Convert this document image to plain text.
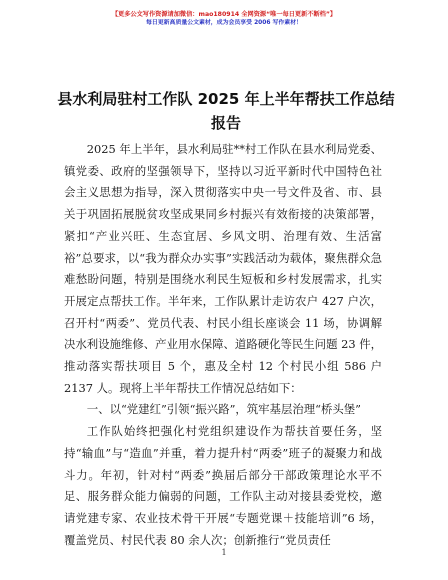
【更多公文写作资源请加微信：mao180914 全网资源“唯一每日更新不断档”】
每日更新高质量公文素材，成为会员享受 2006 写作素材！
县水利局驻村工作队 2025 年上半年帮扶工作总结报告

2025 年上半年，县水利局驻**村工作队在县水利局党委、镇党委、政府的坚强领导下，坚持以习近平新时代中国特色社会主义思想为指导，深入贯彻落实中央一号文件及省、市、县关于巩固拓展脱贫攻坚成果同乡村振兴有效衔接的决策部署，紧扣“产业兴旺、生态宜居、乡风文明、治理有效、生活富裕”总要求，以“我为群众办实事”实践活动为载体，聚焦群众急难愁盼问题，特别是围绕水利民生短板和乡村发展需求，扎实开展定点帮扶工作。半年来，工作队累计走访农户 427 户次，召开村“两委”、党员代表、村民小组长座谈会 11 场，协调解决水利设施维修、产业用水保障、道路硬化等民生问题 23 件，推动落实帮扶项目 5 个，惠及全村 12 个村民小组 586 户 2137 人。现将上半年帮扶工作情况总结如下：

一、以“党建红”引领“振兴路”，筑牢基层治理“桥头堡”

工作队始终把强化村党组织建设作为帮扶首要任务，坚持“输血”与“造血”并重，着力提升村“两委”班子的凝聚力和战斗力。年初，针对村“两委”换届后部分干部政策理论水平不足、服务群众能力偏弱的问题，工作队主动对接县委党校，邀请党建专家、农业技术骨干开展“专题党课＋技能培训”6 场，覆盖党员、村民代表 80 余人次；创新推行“党员责任

1
